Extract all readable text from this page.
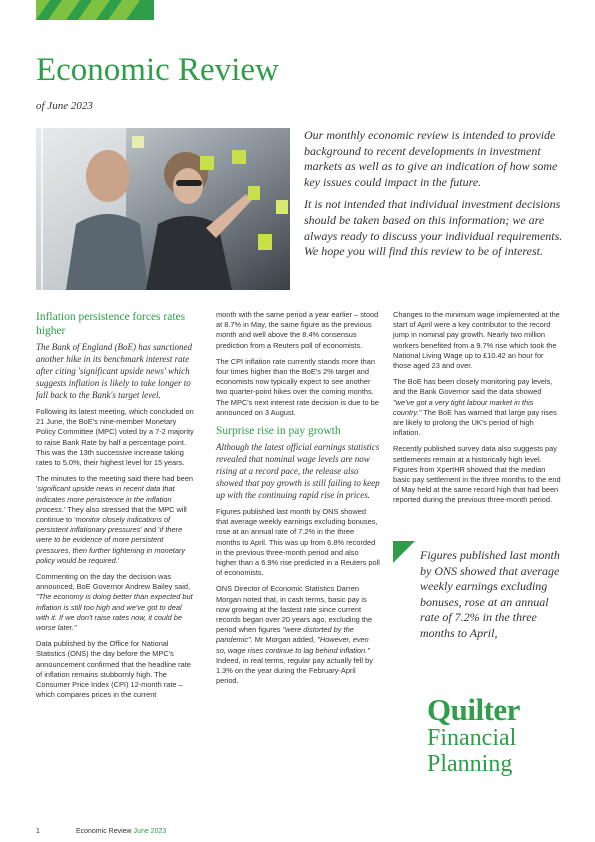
Economic Review
of June 2023

Our monthly economic review is intended to provide background to recent developments in investment markets as well as to give an indication of how some key issues could impact in the future.

It is not intended that individual investment decisions should be taken based on this information; we are always ready to discuss your individual requirements. We hope you will find this review to be of interest.

Inflation persistence forces rates higher

The Bank of England (BoE) has sanctioned another hike in its benchmark interest rate after citing 'significant upside news' which suggests inflation is likely to take longer to fall back to the Bank's target level.

Following its latest meeting, which concluded on 21 June, the BoE's nine-member Monetary Policy Committee (MPC) voted by a 7-2 majority to raise Bank Rate by half a percentage point. This was the 13th successive increase taking rates to 5.0%, their highest level for 15 years.

The minutes to the meeting said there had been 'significant upside news in recent data that indicates more persistence in the inflation process.' They also stressed that the MPC will continue to 'monitor closely indications of persistent inflationary pressures' and 'if there were to be evidence of more persistent pressures, then further tightening in monetary policy would be required.'

Commenting on the day the decision was announced, BoE Governor Andrew Bailey said, "The economy is doing better than expected but inflation is still too high and we've got to deal with it. If we don't raise rates now, it could be worse later."

Data published by the Office for National Statistics (ONS) the day before the MPC's announcement confirmed that the headline rate of inflation remains stubbornly high. The Consumer Price Index (CPI) 12-month rate – which compares prices in the current

month with the same period a year earlier – stood at 8.7% in May, the same figure as the previous month and well above the 8.4% consensus prediction from a Reuters poll of economists.

The CPI inflation rate currently stands more than four times higher than the BoE's 2% target and economists now typically expect to see another two quarter-point hikes over the coming months. The MPC's next interest rate decision is due to be announced on 3 August.

Surprise rise in pay growth

Although the latest official earnings statistics revealed that nominal wage levels are now rising at a record pace, the release also showed that pay growth is still failing to keep up with the continuing rapid rise in prices.

Figures published last month by ONS showed that average weekly earnings excluding bonuses, rose at an annual rate of 7.2% in the three months to April. This was up from 6.8% recorded in the previous three-month period and also higher than a 6.9% rise predicted in a Reuters poll of economists.

ONS Director of Economic Statistics Darren Morgan noted that, in cash terms, basic pay is now growing at the fastest rate since current records began over 20 years ago, excluding the period when figures "were distorted by the pandemic". Mr Morgan added, "However, even so, wage rises continue to lag behind inflation." Indeed, in real terms, regular pay actually fell by 1.3% on the year during the February-April period.

Changes to the minimum wage implemented at the start of April were a key contributor to the record jump in nominal pay growth. Nearly two million workers benefited from a 9.7% rise which took the National Living Wage up to £10.42 an hour for those aged 23 and over.

The BoE has been closely monitoring pay levels, and the Bank Governor said the data showed "we've got a very tight labour market in this country." The BoE has warned that large pay rises are likely to prolong the UK's period of high inflation.

Recently published survey data also suggests pay settlements remain at a historically high level. Figures from XpertHR showed that the median basic pay settlement in the three months to the end of May held at the same record high that had been reported during the previous three-month period.

Figures published last month by ONS showed that average weekly earnings excluding bonuses, rose at an annual rate of 7.2% in the three months to April,
Quilter
Financial
Planning
1	Economic Review June 2023
